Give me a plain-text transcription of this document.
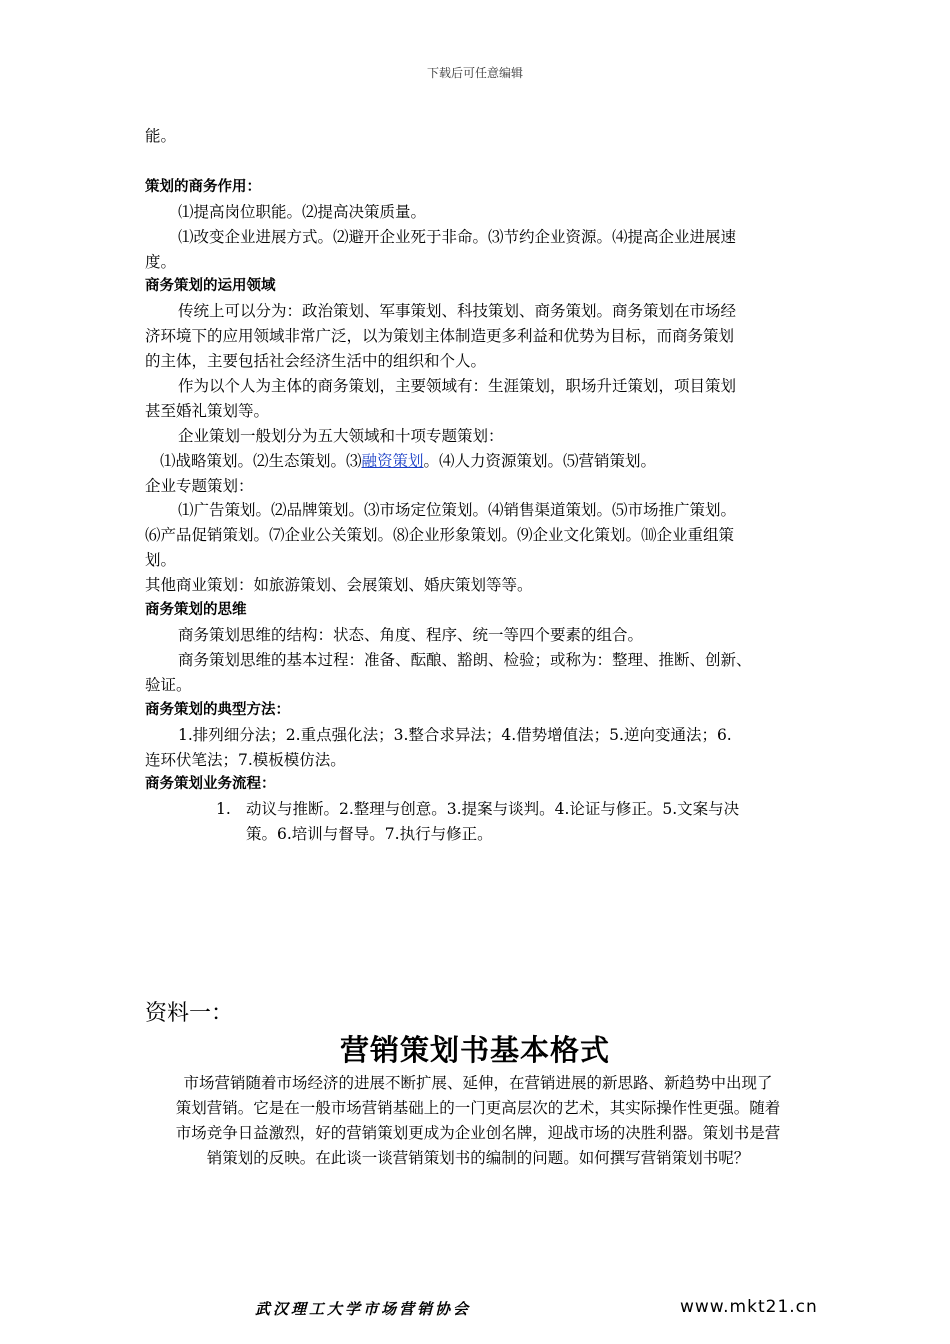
下载后可任意编辑
能。
策划的商务作用：
⑴提高岗位职能。⑵提高决策质量。
⑴改变企业进展方式。⑵避开企业死于非命。⑶节约企业资源。⑷提高企业进展速
度。
商务策划的运用领域
传统上可以分为：政治策划、军事策划、科技策划、商务策划。商务策划在市场经
济环境下的应用领域非常广泛，以为策划主体制造更多利益和优势为目标，而商务策划
的主体，主要包括社会经济生活中的组织和个人。
作为以个人为主体的商务策划，主要领域有：生涯策划，职场升迁策划，项目策划
甚至婚礼策划等。
企业策划一般划分为五大领域和十项专题策划：
⑴战略策划。⑵生态策划。⑶融资策划。⑷人力资源策划。⑸营销策划。
企业专题策划：
⑴广告策划。⑵品牌策划。⑶市场定位策划。⑷销售渠道策划。⑸市场推广策划。
⑹产品促销策划。⑺企业公关策划。⑻企业形象策划。⑼企业文化策划。⑽企业重组策
划。
其他商业策划：如旅游策划、会展策划、婚庆策划等等。
商务策划的思维
商务策划思维的结构：状态、角度、程序、统一等四个要素的组合。
商务策划思维的基本过程：准备、酝酿、豁朗、检验；或称为：整理、推断、创新、
验证。
商务策划的典型方法：
1.排列细分法；2.重点强化法；3.整合求异法；4.借势增值法；5.逆向变通法；6.
连环伏笔法；7.模板模仿法。
商务策划业务流程：
1. 动议与推断。2.整理与创意。3.提案与谈判。4.论证与修正。5.文案与决
策。6.培训与督导。7.执行与修正。
资料一：
营销策划书基本格式
市场营销随着市场经济的进展不断扩展、延伸，在营销进展的新思路、新趋势中出现了
策划营销。它是在一般市场营销基础上的一门更高层次的艺术，其实际操作性更强。随着
市场竞争日益激烈，好的营销策划更成为企业创名牌，迎战市场的决胜利器。策划书是营
销策划的反映。在此谈一谈营销策划书的编制的问题。如何撰写营销策划书呢？
武汉理工大学市场营销协会	www.mkt21.cn
